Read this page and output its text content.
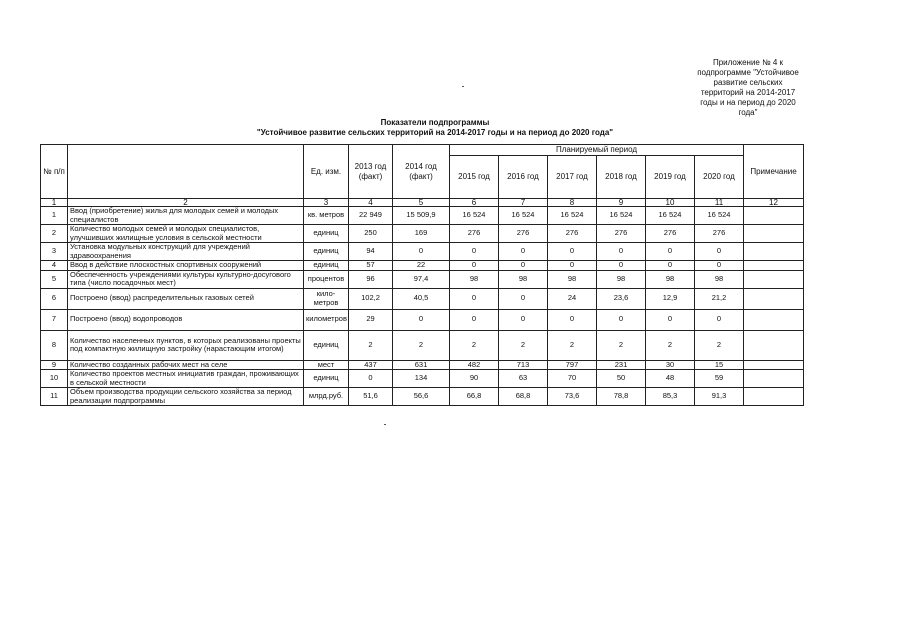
Приложение № 4 к
подпрограмме "Устойчивое
развитие сельских
территорий на 2014-2017
годы и на период до 2020
года"
Показатели подпрограммы
"Устойчивое развитие сельских территорий на 2014-2017 годы и на период до 2020 года"
№ п/п		Ед. изм.	2013 год (факт)	2014 год (факт)	Планируемый период						Примечание
					2015 год	2016 год	2017 год	2018 год	2019 год	2020 год	
1	2	3	4	5	6	7	8	9	10	11	12
1	Ввод (приобретение) жилья для молодых семей и молодых специалистов	кв. метров	22 949	15 509,9	16 524	16 524	16 524	16 524	16 524	16 524	
2	Количество молодых семей и молодых специалистов, улучшивших жилищные условия в сельской местности	единиц	250	169	276	276	276	276	276	276	
3	Установка модульных конструкций для учреждений здравоохранения	единиц	94	0	0	0	0	0	0	0	
4	Ввод в действие плоскостных спортивных сооружений	единиц	57	22	0	0	0	0	0	0	
5	Обеспеченность учреждениями культуры культурно-досугового типа (число посадочных мест)	процентов	96	97,4	98	98	98	98	98	98	
6	Построено (ввод) распределительных газовых сетей	кило-метров	102,2	40,5	0	0	24	23,6	12,9	21,2	
7	Построено (ввод) водопроводов	километров	29	0	0	0	0	0	0	0	
8	Количество населенных пунктов, в которых реализованы проекты под компактную жилищную застройку (нарастающим итогом)	единиц	2	2	2	2	2	2	2	2	
9	Количество созданных рабочих мест на селе	мест	437	631	482	713	797	231	30	15	
10	Количество проектов местных инициатив граждан, проживающих в сельской местности	единиц	0	134	90	63	70	50	48	59	
11	Объем производства продукции сельского хозяйства за период реализации подпрограммы	млрд.руб.	51,6	56,6	66,8	68,8	73,6	78,8	85,3	91,3	
